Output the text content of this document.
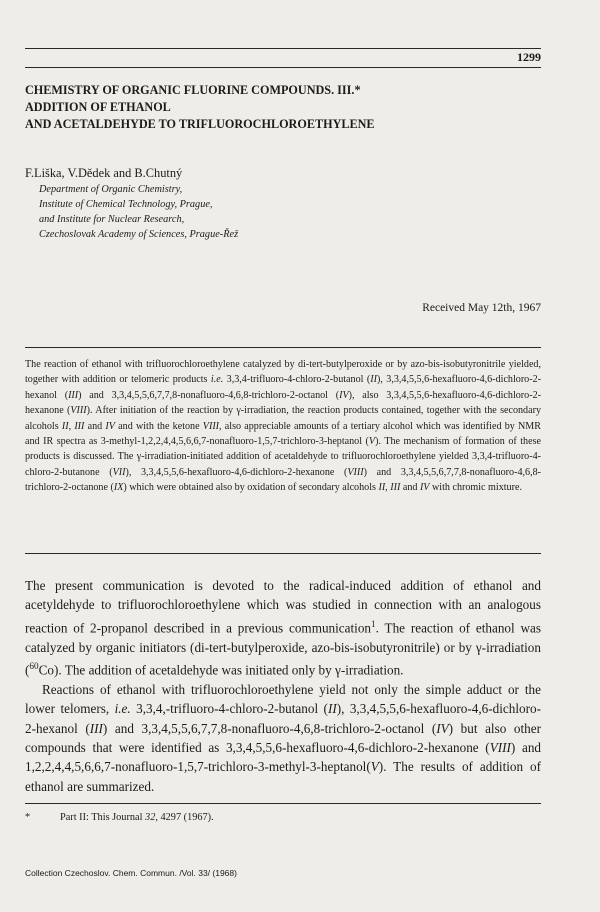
1299
CHEMISTRY OF ORGANIC FLUORINE COMPOUNDS. III.*
ADDITION OF ETHANOL
AND ACETALDEHYDE TO TRIFLUOROCHLOROETHYLENE
F.Liška, V.Dědek and B.Chutný
Department of Organic Chemistry,
Institute of Chemical Technology, Prague,
and Institute for Nuclear Research,
Czechoslovak Academy of Sciences, Prague-Řež
Received May 12th, 1967

The reaction of ethanol with trifluorochloroethylene catalyzed by di-tert-butylperoxide or by azo-bis-isobutyronitrile yielded, together with addition or telomeric products i.e. 3,3,4-trifluoro-4-chloro-2-butanol (II), 3,3,4,5,5,6-hexafluoro-4,6-dichloro-2-hexanol (III) and 3,3,4,5,5,6,7,7,8-nonafluoro-4,6,8-trichloro-2-octanol (IV), also 3,3,4,5,5,6-hexafluoro-4,6-dichloro-2-hexanone (VIII). After initiation of the reaction by γ-irradiation, the reaction products contained, together with the secondary alcohols II, III and IV and with the ketone VIII, also appreciable amounts of a tertiary alcohol which was identified by NMR and IR spectra as 3-methyl-1,2,2,4,4,5,6,6,7-nonafluoro-1,5,7-trichloro-3-heptanol (V). The mechanism of formation of these products is discussed. The γ-irradiation-initiated addition of acetaldehyde to trifluorochloroethylene yielded 3,3,4-trifluoro-4-chloro-2-butanone (VII), 3,3,4,5,5,6-hexafluoro-4,6-dichloro-2-hexanone (VIII) and 3,3,4,5,5,6,7,7,8-nonafluoro-4,6,8-trichloro-2-octanone (IX) which were obtained also by oxidation of secondary alcohols II, III and IV with chromic mixture.

The present communication is devoted to the radical-induced addition of ethanol and acetyldehyde to trifluorochloroethylene which was studied in connection with an analogous reaction of 2-propanol described in a previous communication$^1$. The reaction of ethanol was catalyzed by organic initiators (di-tert-butylperoxide, azo-bis-isobutyronitrile) or by γ-irradiation ($^{60}$Co). The addition of acetaldehyde was initiated only by γ-irradiation.

Reactions of ethanol with trifluorochloroethylene yield not only the simple adduct or the lower telomers, i.e. 3,3,4,-trifluoro-4-chloro-2-butanol (II), 3,3,4,5,5,6-hexafluoro-4,6-dichloro-2-hexanol (III) and 3,3,4,5,5,6,7,7,8-nonafluoro-4,6,8-trichloro-2-octanol (IV) but also other compounds that were identified as 3,3,4,5,5,6-hexafluoro-4,6-dichloro-2-hexanone (VIII) and 1,2,2,4,4,5,6,6,7-nonafluoro-1,5,7-trichloro-3-methyl-3-heptanol(V). The results of addition of ethanol are summarized.

*	Part II: This Journal 32, 4297 (1967).
Collection Czechoslov. Chem. Commun. /Vol. 33/ (1968)
